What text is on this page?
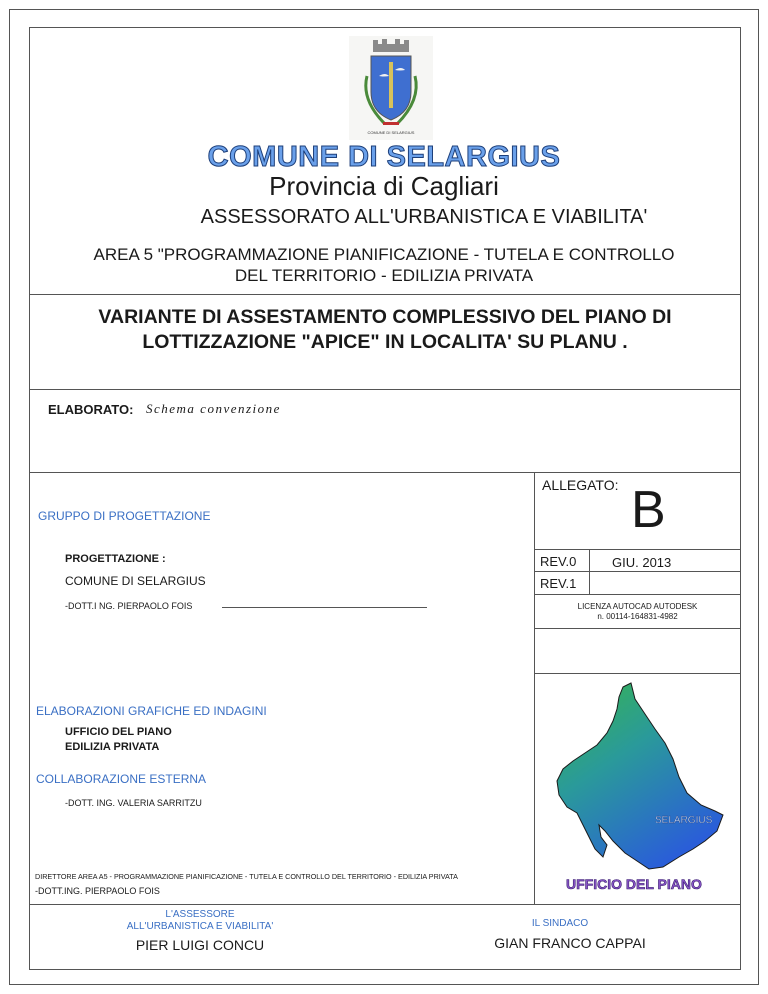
COMUNE DI SELARGIUS
COMUNE DI SELARGIUS
Provincia di Cagliari
ASSESSORATO ALL'URBANISTICA E VIABILITA'
AREA 5 "PROGRAMMAZIONE PIANIFICAZIONE - TUTELA E CONTROLLO
DEL TERRITORIO - EDILIZIA PRIVATA
VARIANTE DI ASSESTAMENTO COMPLESSIVO DEL PIANO DI
LOTTIZZAZIONE "APICE" IN LOCALITA' SU PLANU .
ELABORATO: Schema convenzione
ALLEGATO: B
REV.0	GIU. 2013
REV.1
LICENZA AUTOCAD AUTODESK
n. 00114-164831-4982
GRUPPO DI PROGETTAZIONE
PROGETTAZIONE :
COMUNE DI SELARGIUS
-DOTT.I NG. PIERPAOLO FOIS
ELABORAZIONI GRAFICHE ED INDAGINI
UFFICIO DEL PIANO
EDILIZIA PRIVATA
COLLABORAZIONE ESTERNA
-DOTT. ING. VALERIA SARRITZU
DIRETTORE AREA A5 - PROGRAMMAZIONE PIANIFICAZIONE - TUTELA E CONTROLLO DEL TERRITORIO - EDILIZIA PRIVATA
-DOTT.ING. PIERPAOLO FOIS
SELARGIUS
UFFICIO DEL PIANO
L'ASSESSORE
ALL'URBANISTICA E VIABILITA'
PIER LUIGI CONCU
IL SINDACO
GIAN FRANCO CAPPAI
